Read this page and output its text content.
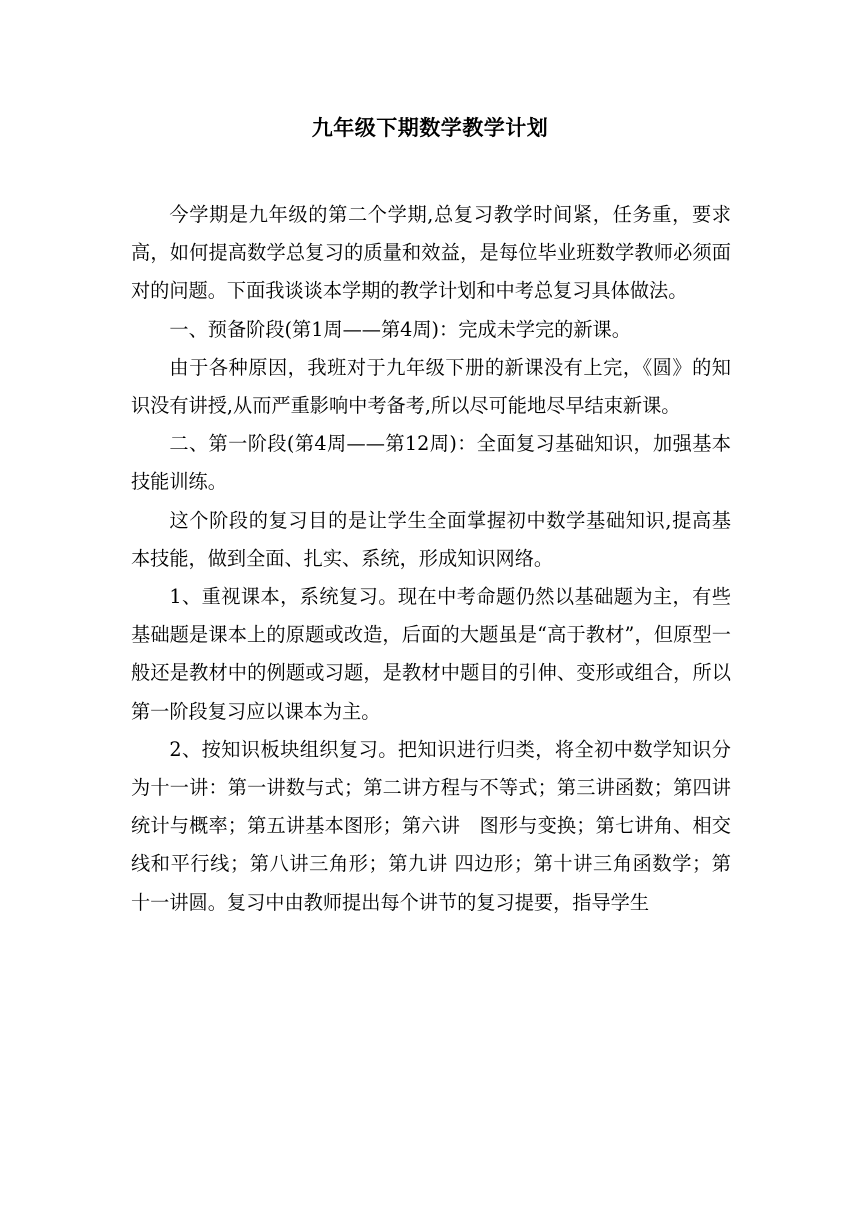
九年级下期数学教学计划

今学期是九年级的第二个学期,总复习教学时间紧，任务重，要求高，如何提高数学总复习的质量和效益，是每位毕业班数学教师必须面对的问题。下面我谈谈本学期的教学计划和中考总复习具体做法。

一、预备阶段(第1周——第4周)：完成未学完的新课。

由于各种原因，我班对于九年级下册的新课没有上完，《圆》的知识没有讲授,从而严重影响中考备考,所以尽可能地尽早结束新课。

二、第一阶段(第4周——第12周)：全面复习基础知识，加强基本技能训练。

这个阶段的复习目的是让学生全面掌握初中数学基础知识,提高基本技能，做到全面、扎实、系统，形成知识网络。

1、重视课本，系统复习。现在中考命题仍然以基础题为主，有些基础题是课本上的原题或改造，后面的大题虽是“高于教材”，但原型一般还是教材中的例题或习题，是教材中题目的引伸、变形或组合，所以第一阶段复习应以课本为主。

2、按知识板块组织复习。把知识进行归类，将全初中数学知识分为十一讲：第一讲数与式；第二讲方程与不等式；第三讲函数；第四讲统计与概率；第五讲基本图形；第六讲　图形与变换；第七讲角、相交线和平行线；第八讲三角形；第九讲 四边形；第十讲三角函数学；第十一讲圆。复习中由教师提出每个讲节的复习提要，指导学生
